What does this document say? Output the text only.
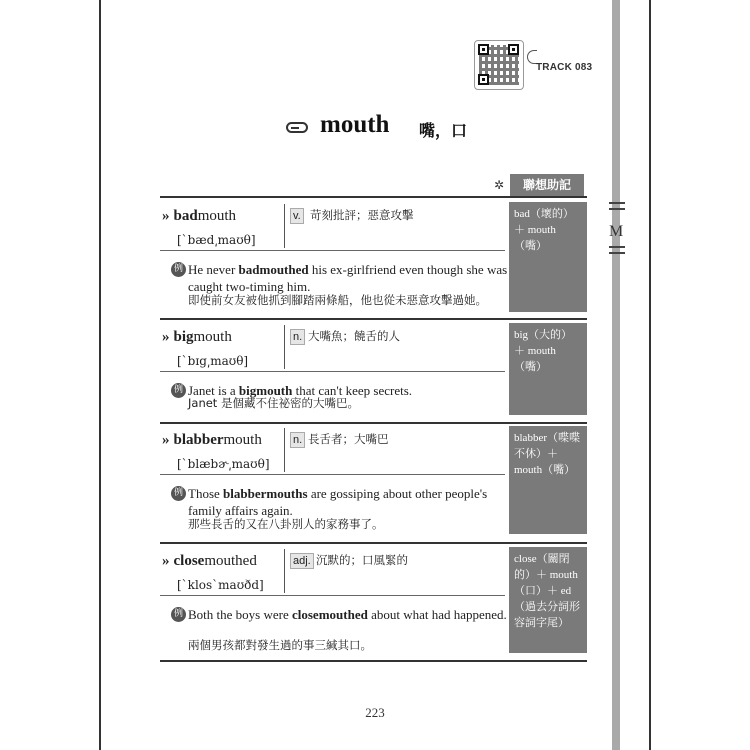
M
TRACK 083
mouth 嘴，口
✲	聯想助記
» badmouth
[ˋbæd͵maʊθ]
v. 苛刻批評；惡意攻擊
例 He never badmouthed his ex-girlfriend even though she was caught two-timing him.
即使前女友被他抓到腳踏兩條船，他也從未惡意攻擊過她。
bad（壞的）＋ mouth（嘴）
» bigmouth
[ˋbɪg͵maʊθ]
n. 大嘴魚；饒舌的人
例 Janet is a bigmouth that can't keep secrets.
Janet 是個藏不住祕密的大嘴巴。
big（大的）＋ mouth（嘴）
» blabbermouth
[ˋblæbɚ͵maʊθ]
n. 長舌者；大嘴巴
例 Those blabbermouths are gossiping about other people's family affairs again.
那些長舌的又在八卦別人的家務事了。
blabber（喋喋不休）＋ mouth（嘴）
» closemouthed
[ˋklos`maʊðd]
adj. 沉默的；口風緊的
例 Both the boys were closemouthed about what had happened.
兩個男孩都對發生過的事三緘其口。
close（關閉的）＋ mouth（口）＋ ed（過去分詞形容詞字尾）
223
